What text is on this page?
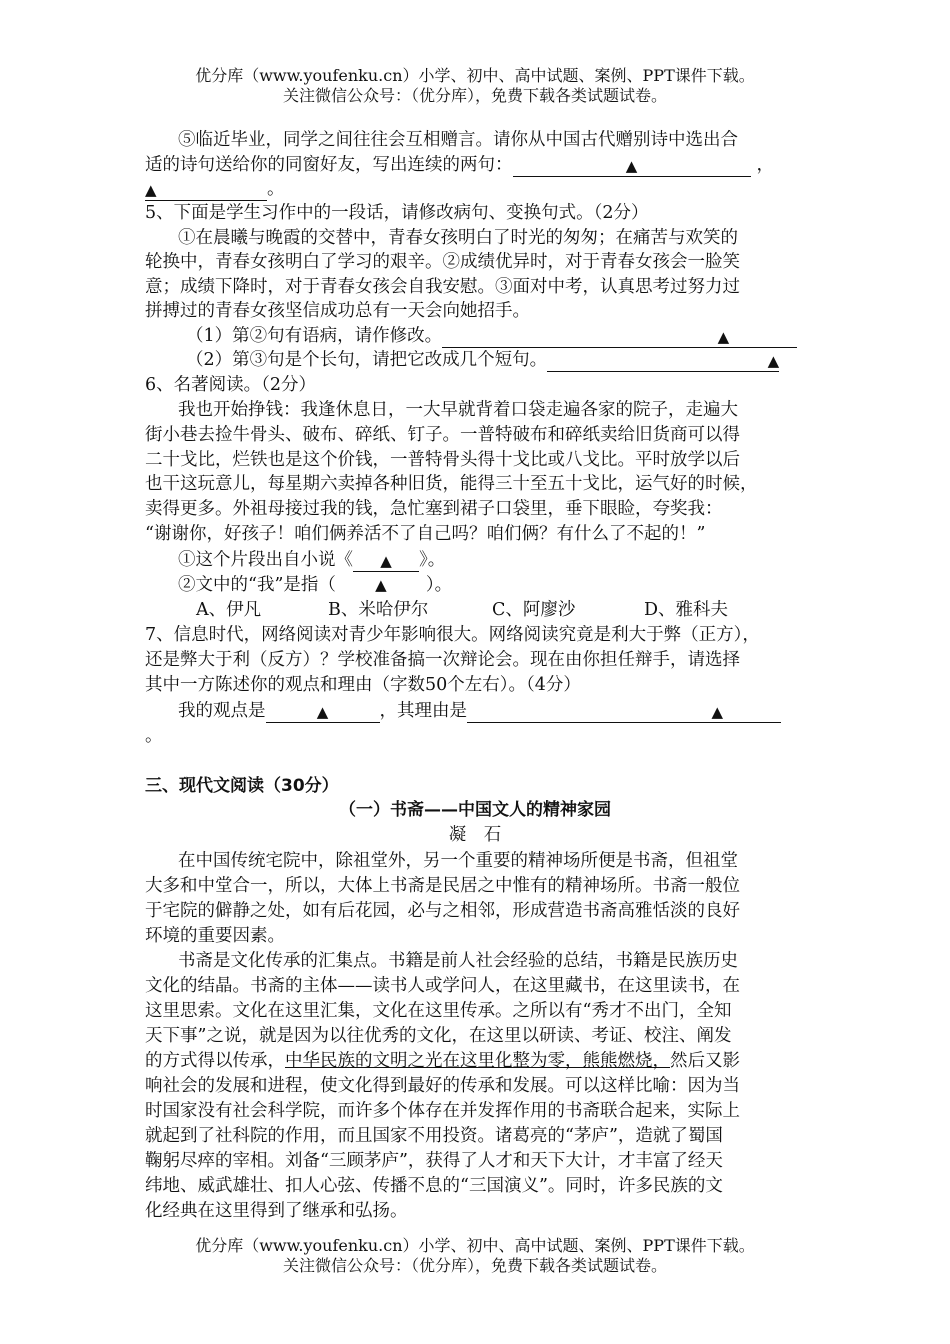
优分库（www.youfenku.cn）小学、初中、高中试题、案例、PPT课件下载。
关注微信公众号：（优分库），免费下载各类试题试卷。
⑤临近毕业，同学之间往往会互相赠言。请你从中国古代赠别诗中选出合
适的诗句送给你的同窗好友，写出连续的两句：	▲	，
▲	。
5、下面是学生习作中的一段话，请修改病句、变换句式。（2分）
①在晨曦与晚霞的交替中，青春女孩明白了时光的匆匆；在痛苦与欢笑的
轮换中，青春女孩明白了学习的艰辛。②成绩优异时，对于青春女孩会一脸笑
意；成绩下降时，对于青春女孩会自我安慰。③面对中考，认真思考过努力过
拼搏过的青春女孩坚信成功总有一天会向她招手。
（1）第②句有语病，请作修改。	▲
（2）第③句是个长句，请把它改成几个短句。	▲
6、名著阅读。（2分）
我也开始挣钱：我逢休息日，一大早就背着口袋走遍各家的院子，走遍大
街小巷去捡牛骨头、破布、碎纸、钉子。一普特破布和碎纸卖给旧货商可以得
二十戈比，烂铁也是这个价钱，一普特骨头得十戈比或八戈比。平时放学以后
也干这玩意儿，每星期六卖掉各种旧货，能得三十至五十戈比，运气好的时候，
卖得更多。外祖母接过我的钱，急忙塞到裙子口袋里，垂下眼睑，夸奖我：
“谢谢你，好孩子！咱们俩养活不了自己吗？咱们俩？有什么了不起的！”
①这个片段出自小说《 ▲ 》。
②文中的“我”是指（	▲ ）。
A、伊凡	B、米哈伊尔	C、阿廖沙	D、雅科夫
7、信息时代，网络阅读对青少年影响很大。网络阅读究竟是利大于弊（正方），
还是弊大于利（反方）？学校准备搞一次辩论会。现在由你担任辩手，请选择
其中一方陈述你的观点和理由（字数50个左右）。（4分）
我的观点是	▲	，其理由是	▲
。
三、现代文阅读（30分）
（一）书斋——中国文人的精神家园
凝　石
在中国传统宅院中，除祖堂外，另一个重要的精神场所便是书斋，但祖堂
大多和中堂合一，所以，大体上书斋是民居之中惟有的精神场所。书斋一般位
于宅院的僻静之处，如有后花园，必与之相邻，形成营造书斋高雅恬淡的良好
环境的重要因素。
书斋是文化传承的汇集点。书籍是前人社会经验的总结，书籍是民族历史
文化的结晶。书斋的主体——读书人或学问人，在这里藏书，在这里读书，在
这里思索。文化在这里汇集，文化在这里传承。之所以有“秀才不出门，全知
天下事”之说，就是因为以往优秀的文化，在这里以研读、考证、校注、阐发
的方式得以传承，中华民族的文明之光在这里化整为零，熊熊燃烧，然后又影
响社会的发展和进程，使文化得到最好的传承和发展。可以这样比喻：因为当
时国家没有社会科学院，而许多个体存在并发挥作用的书斋联合起来，实际上
就起到了社科院的作用，而且国家不用投资。诸葛亮的“茅庐”，造就了蜀国
鞠躬尽瘁的宰相。刘备“三顾茅庐”，获得了人才和天下大计，才丰富了经天
纬地、威武雄壮、扣人心弦、传播不息的“三国演义”。同时，许多民族的文
化经典在这里得到了继承和弘扬。
优分库（www.youfenku.cn）小学、初中、高中试题、案例、PPT课件下载。
关注微信公众号：（优分库），免费下载各类试题试卷。
